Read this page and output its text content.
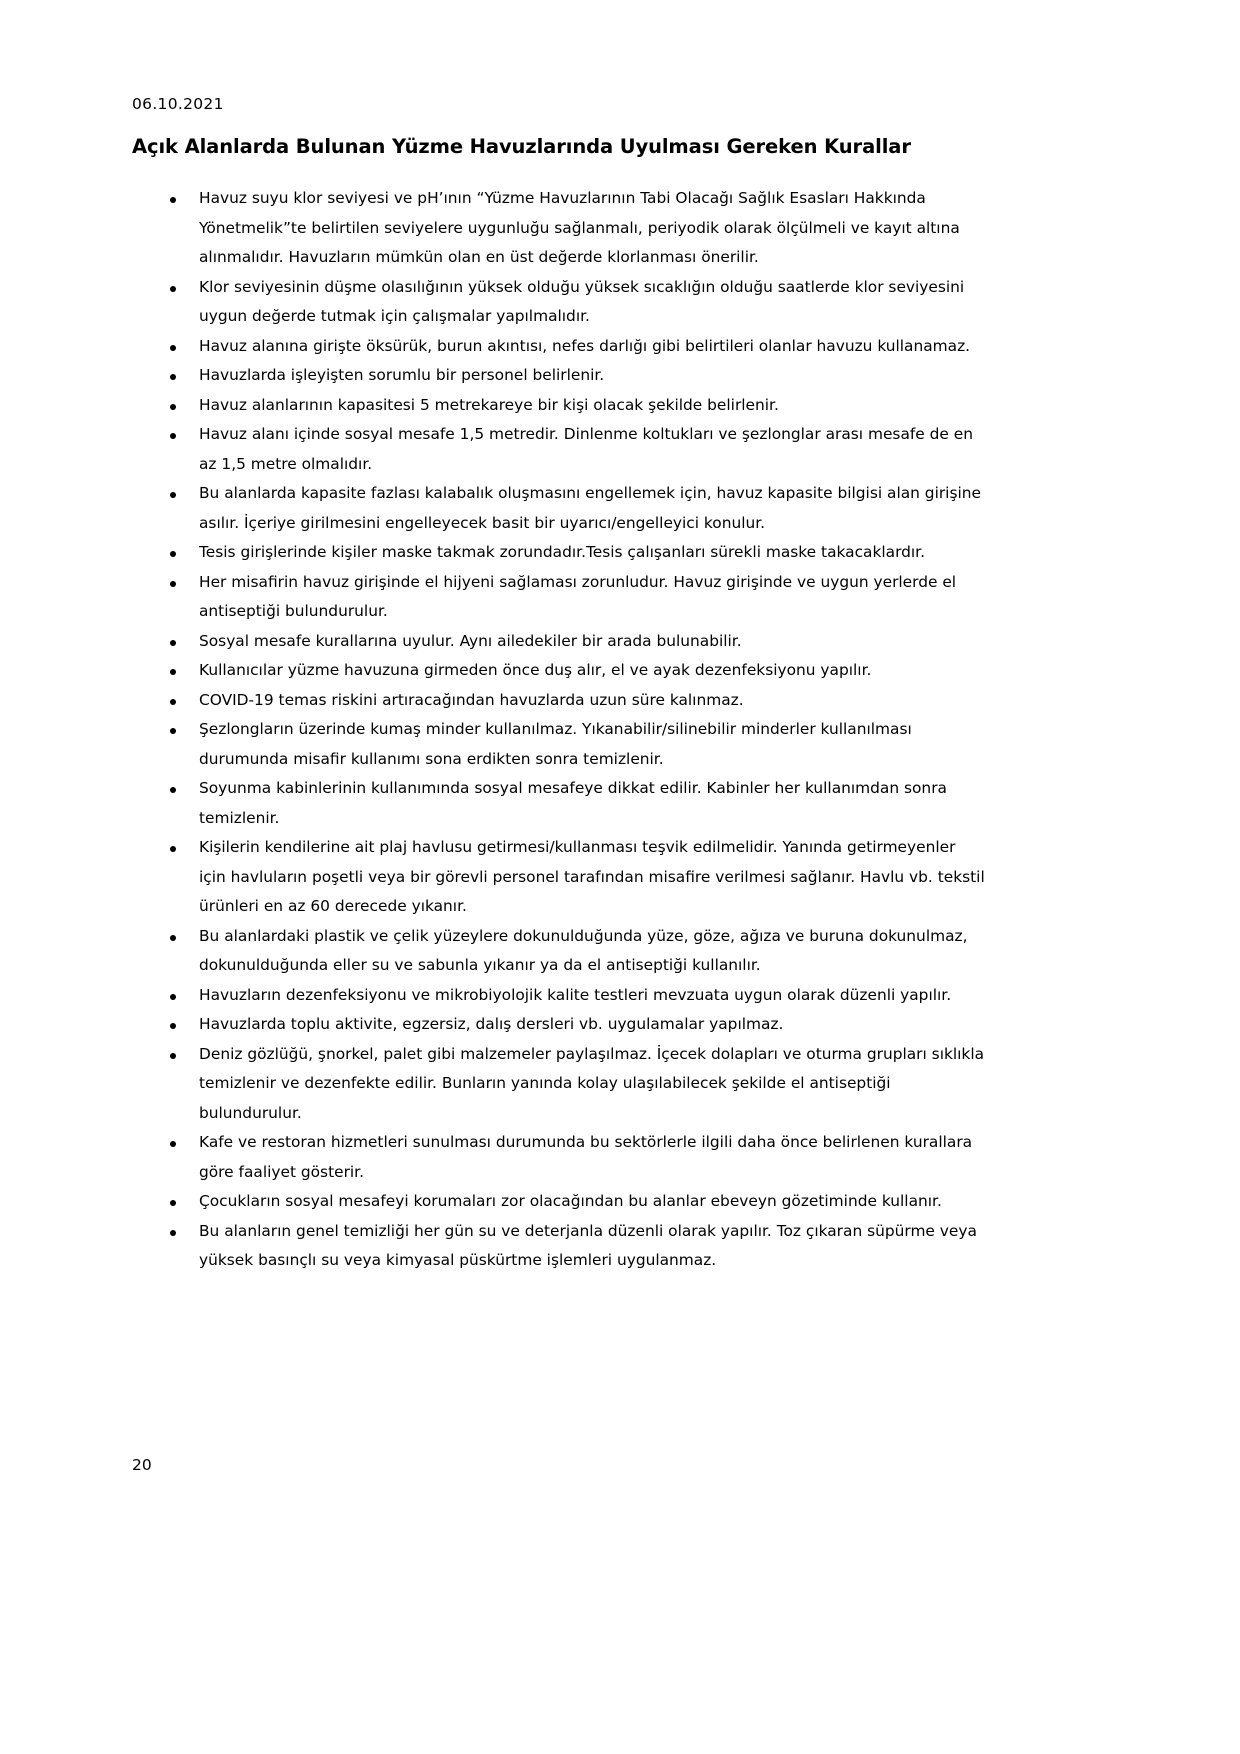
06.10.2021
Açık Alanlarda Bulunan Yüzme Havuzlarında Uyulması Gereken Kurallar
Havuz suyu klor seviyesi ve pH’ının “Yüzme Havuzlarının Tabi Olacağı Sağlık Esasları Hakkında Yönetmelik”te belirtilen seviyelere uygunluğu sağlanmalı, periyodik olarak ölçülmeli ve kayıt altına alınmalıdır. Havuzların mümkün olan en üst değerde klorlanması önerilir.
Klor seviyesinin düşme olasılığının yüksek olduğu yüksek sıcaklığın olduğu saatlerde klor seviyesini uygun değerde tutmak için çalışmalar yapılmalıdır.
Havuz alanına girişte öksürük, burun akıntısı, nefes darlığı gibi belirtileri olanlar havuzu kullanamaz.
Havuzlarda işleyişten sorumlu bir personel belirlenir.
Havuz alanlarının kapasitesi 5 metrekareye bir kişi olacak şekilde belirlenir.
Havuz alanı içinde sosyal mesafe 1,5 metredir. Dinlenme koltukları ve şezlonglar arası mesafe de en az 1,5 metre olmalıdır.
Bu alanlarda kapasite fazlası kalabalık oluşmasını engellemek için, havuz kapasite bilgisi alan girişine asılır. İçeriye girilmesini engelleyecek basit bir uyarıcı/engelleyici konulur.
Tesis girişlerinde kişiler maske takmak zorundadır.Tesis çalışanları sürekli maske takacaklardır.
Her misafirin havuz girişinde el hijyeni sağlaması zorunludur. Havuz girişinde ve uygun yerlerde el antiseptiği bulundurulur.
Sosyal mesafe kurallarına uyulur. Aynı ailedekiler bir arada bulunabilir.
Kullanıcılar yüzme havuzuna girmeden önce duş alır, el ve ayak dezenfeksiyonu yapılır.
COVID-19 temas riskini artıracağından havuzlarda uzun süre kalınmaz.
Şezlongların üzerinde kumaş minder kullanılmaz. Yıkanabilir/silinebilir minderler kullanılması durumunda misafir kullanımı sona erdikten sonra temizlenir.
Soyunma kabinlerinin kullanımında sosyal mesafeye dikkat edilir. Kabinler her kullanımdan sonra temizlenir.
Kişilerin kendilerine ait plaj havlusu getirmesi/kullanması teşvik edilmelidir. Yanında getirmeyenler için havluların poşetli veya bir görevli personel tarafından misafire verilmesi sağlanır. Havlu vb. tekstil ürünleri en az 60 derecede yıkanır.
Bu alanlardaki plastik ve çelik yüzeylere dokunulduğunda yüze, göze, ağıza ve buruna dokunulmaz, dokunulduğunda eller su ve sabunla yıkanır ya da el antiseptiği kullanılır.
Havuzların dezenfeksiyonu ve mikrobiyolojik kalite testleri mevzuata uygun olarak düzenli yapılır.
Havuzlarda toplu aktivite, egzersiz, dalış dersleri vb. uygulamalar yapılmaz.
Deniz gözlüğü, şnorkel, palet gibi malzemeler paylaşılmaz. İçecek dolapları ve oturma grupları sıklıkla temizlenir ve dezenfekte edilir. Bunların yanında kolay ulaşılabilecek şekilde el antiseptiği bulundurulur.
Kafe ve restoran hizmetleri sunulması durumunda bu sektörlerle ilgili daha önce belirlenen kurallara göre faaliyet gösterir.
Çocukların sosyal mesafeyi korumaları zor olacağından bu alanlar ebeveyn gözetiminde kullanır.
Bu alanların genel temizliği her gün su ve deterjanla düzenli olarak yapılır. Toz çıkaran süpürme veya yüksek basınçlı su veya kimyasal püskürtme işlemleri uygulanmaz.
20
